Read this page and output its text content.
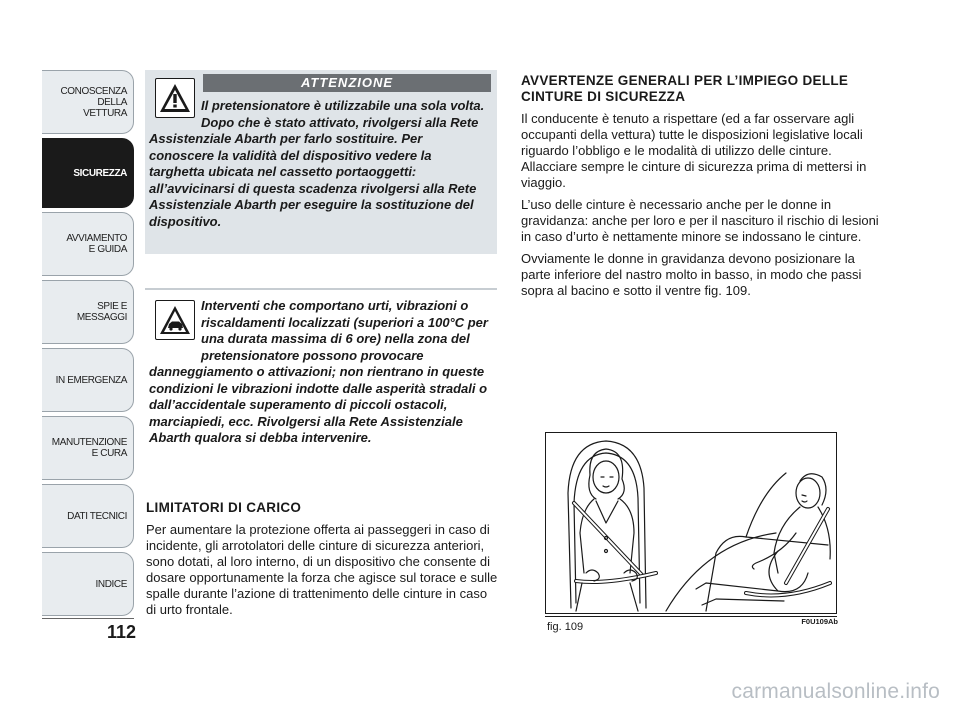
CONOSCENZA
DELLA
VETTURA
SICUREZZA
AVVIAMENTO
E GUIDA
SPIE E
MESSAGGI
IN EMERGENZA
MANUTENZIONE
E CURA
DATI TECNICI
INDICE
112
ATTENZIONE
Il pretensionatore è utilizzabile una sola volta. Dopo che è stato attivato, rivolgersi alla Rete Assistenziale Abarth per farlo sostituire. Per conoscere la validità del dispositivo vedere la targhetta ubicata nel cassetto portaoggetti: all’avvicinarsi di questa scadenza rivolgersi alla Rete Assistenziale Abarth per eseguire la sostituzione del dispositivo.
Interventi che comportano urti, vibrazioni o riscaldamenti localizzati (superiori a 100°C per una durata massima di 6 ore) nella zona del pretensionatore possono provocare danneggiamento o attivazioni; non rientrano in queste condizioni le vibrazioni indotte dalle asperità stradali o dall’accidentale superamento di piccoli ostacoli, marciapiedi, ecc. Rivolgersi alla Rete Assistenziale Abarth qualora si debba intervenire.
LIMITATORI DI CARICO

Per aumentare la protezione offerta ai passeggeri in caso di incidente, gli arrotolatori delle cinture di sicurezza anteriori, sono dotati, al loro interno, di un dispositivo che consente di dosare opportunamente la forza che agisce sul torace e sulle spalle durante l’azione di trattenimento delle cinture in caso di urto frontale.

AVVERTENZE GENERALI PER L’IMPIEGO DELLE CINTURE DI SICUREZZA

Il conducente è tenuto a rispettare (ed a far osservare agli occupanti della vettura) tutte le disposizioni legislative locali riguardo l’obbligo e le modalità di utilizzo delle cinture. Allacciare sempre le cinture di sicurezza prima di mettersi in viaggio.

L’uso delle cinture è necessario anche per le donne in gravidanza: anche per loro e per il nascituro il rischio di lesioni in caso d’urto è nettamente minore se indossano le cinture.

Ovviamente le donne in gravidanza devono posizionare la parte inferiore del nastro molto in basso, in modo che passi sopra al bacino e sotto il ventre fig. 109.

fig. 109	F0U109Ab
carmanualsonline.info
